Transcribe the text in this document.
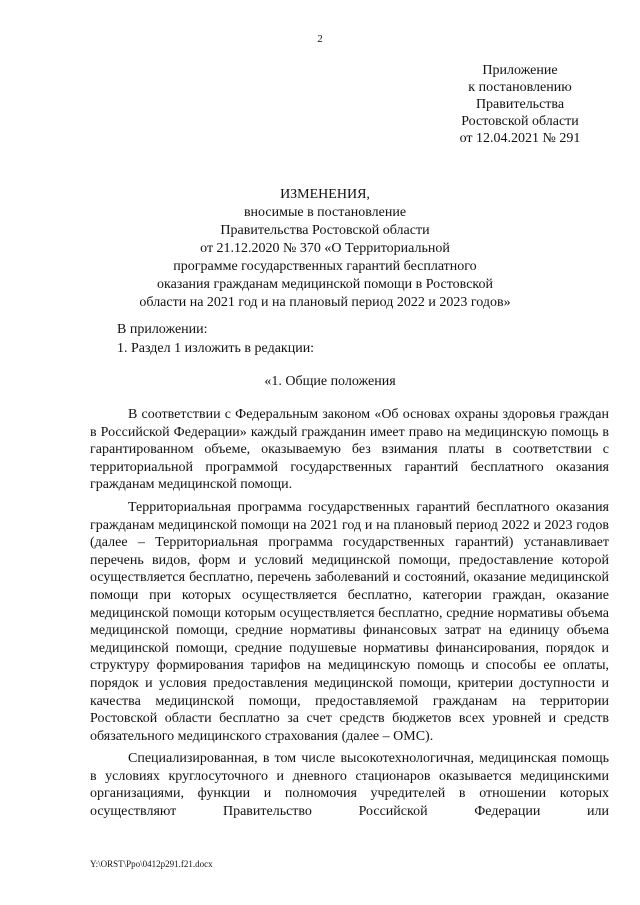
2
Приложение
к постановлению
Правительства
Ростовской области
от 12.04.2021 № 291
ИЗМЕНЕНИЯ,
вносимые в постановление
Правительства Ростовской области
от 21.12.2020 № 370 «О Территориальной
программе государственных гарантий бесплатного
оказания гражданам медицинской помощи в Ростовской
области на 2021 год и на плановый период 2022 и 2023 годов»
В приложении:
1. Раздел 1 изложить в редакции:
«1. Общие положения

В соответствии с Федеральным законом «Об основах охраны здоровья граждан в Российской Федерации» каждый гражданин имеет право на медицинскую помощь в гарантированном объеме, оказываемую без взимания платы в соответствии с территориальной программой государственных гарантий бесплатного оказания гражданам медицинской помощи.

Территориальная программа государственных гарантий бесплатного оказания гражданам медицинской помощи на 2021 год и на плановый период 2022 и 2023 годов (далее – Территориальная программа государственных гарантий) устанавливает перечень видов, форм и условий медицинской помощи, предоставление которой осуществляется бесплатно, перечень заболеваний и состояний, оказание медицинской помощи при которых осуществляется бесплатно, категории граждан, оказание медицинской помощи которым осуществляется бесплатно, средние нормативы объема медицинской помощи, средние нормативы финансовых затрат на единицу объема медицинской помощи, средние подушевые нормативы финансирования, порядок и структуру формирования тарифов на медицинскую помощь и способы ее оплаты, порядок и условия предоставления медицинской помощи, критерии доступности и качества медицинской помощи, предоставляемой гражданам на территории Ростовской области бесплатно за счет средств бюджетов всех уровней и средств обязательного медицинского страхования (далее – ОМС).

Специализированная, в том числе высокотехнологичная, медицинская помощь в условиях круглосуточного и дневного стационаров оказывается медицинскими организациями, функции и полномочия учредителей в отношении которых осуществляют Правительство Российской Федерации или

Y:\ORST\Ppo\0412p291.f21.docx
